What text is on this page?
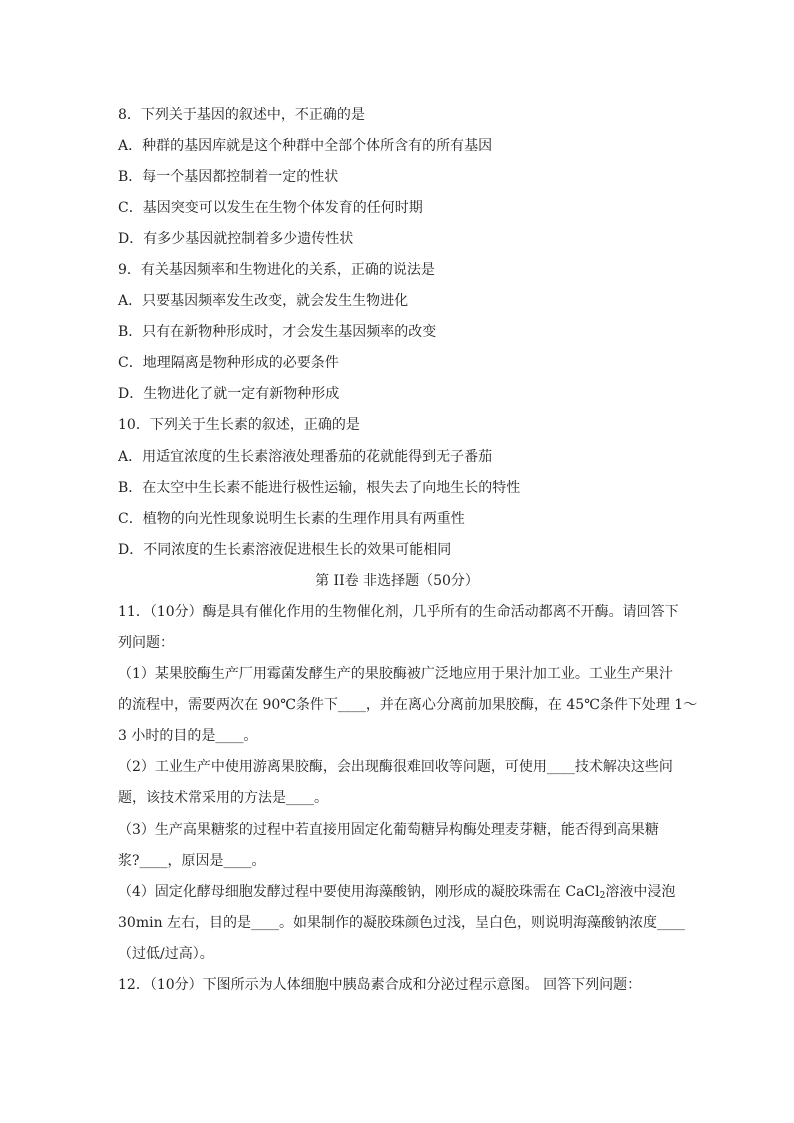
8．下列关于基因的叙述中，不正确的是
A．种群的基因库就是这个种群中全部个体所含有的所有基因
B．每一个基因都控制着一定的性状
C．基因突变可以发生在生物个体发育的任何时期
D．有多少基因就控制着多少遗传性状
9．有关基因频率和生物进化的关系，正确的说法是
A．只要基因频率发生改变，就会发生生物进化
B．只有在新物种形成时，才会发生基因频率的改变
C．地理隔离是物种形成的必要条件
D．生物进化了就一定有新物种形成
10．下列关于生长素的叙述，正确的是
A．用适宜浓度的生长素溶液处理番茄的花就能得到无子番茄
B．在太空中生长素不能进行极性运输，根失去了向地生长的特性
C．植物的向光性现象说明生长素的生理作用具有两重性
D．不同浓度的生长素溶液促进根生长的效果可能相同
第 II卷 非选择题（50分）
11．（10分）酶是具有催化作用的生物催化剂，几乎所有的生命活动都离不开酶。请回答下
列问题：
（1）某果胶酶生产厂用霉菌发酵生产的果胶酶被广泛地应用于果汁加工业。工业生产果汁
的流程中，需要两次在 90℃条件下____，并在离心分离前加果胶酶，在 45℃条件下处理 1～
3 小时的目的是____。
（2）工业生产中使用游离果胶酶，会出现酶很难回收等问题，可使用____技术解决这些问
题，该技术常采用的方法是____。
（3）生产高果糖浆的过程中若直接用固定化葡萄糖异构酶处理麦芽糖，能否得到高果糖
浆?____，原因是____。
（4）固定化酵母细胞发酵过程中要使用海藻酸钠，刚形成的凝胶珠需在 CaCl$_2$溶液中浸泡
30min 左右，目的是____。如果制作的凝胶珠颜色过浅，呈白色，则说明海藻酸钠浓度____
（过低/过高）。
12．（10分）下图所示为人体细胞中胰岛素合成和分泌过程示意图。 回答下列问题：
